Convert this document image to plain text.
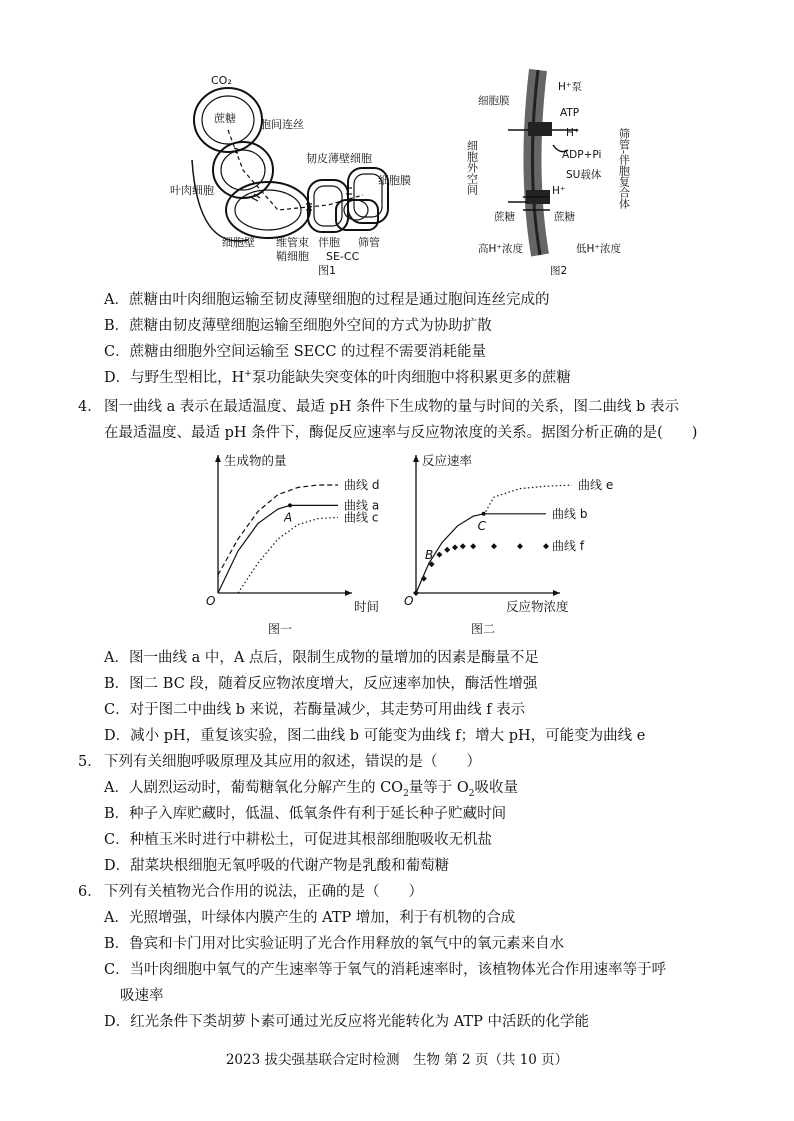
CO₂
蔗糖 胞间连丝
韧皮薄壁细胞
细胞膜
叶肉细胞
细胞壁 维管束
鞘细胞
伴胞 筛管
SE-CC
图1
细胞膜
H⁺泵
ATP
H⁺
ADP+Pi
SU载体
H⁺
蔗糖	蔗糖
高H⁺浓度	低H⁺浓度
图2
细胞外空间	筛管-伴胞复合体
A．蔗糖由叶肉细胞运输至韧皮薄壁细胞的过程是通过胞间连丝完成的
B．蔗糖由韧皮薄壁细胞运输至细胞外空间的方式为协助扩散
C．蔗糖由细胞外空间运输至 SECC 的过程不需要消耗能量
D．与野生型相比，H+泵功能缺失突变体的叶肉细胞中将积累更多的蔗糖
4． 图一曲线 a 表示在最适温度、最适 pH 条件下生成物的量与时间的关系，图二曲线 b 表示
在最适温度、最适 pH 条件下，酶促反应速率与反应物浓度的关系。据图分析正确的是(　　)
生成物的量
时间
O
图一
曲线 d
曲线 a
曲线 c
A
反应速率
反应物浓度
O
图二
曲线 e
曲线 b
曲线 f
B
C
A．图一曲线 a 中，A 点后，限制生成物的量增加的因素是酶量不足
B．图二 BC 段，随着反应物浓度增大，反应速率加快，酶活性增强
C．对于图二中曲线 b 来说，若酶量减少，其走势可用曲线 f 表示
D．减小 pH，重复该实验，图二曲线 b 可能变为曲线 f；增大 pH，可能变为曲线 e
5． 下列有关细胞呼吸原理及其应用的叙述，错误的是（　　）
A．人剧烈运动时，葡萄糖氧化分解产生的 $CO_2$量等于 $O_2$吸收量
B．种子入库贮藏时，低温、低氧条件有利于延长种子贮藏时间
C．种植玉米时进行中耕松土，可促进其根部细胞吸收无机盐
D．甜菜块根细胞无氧呼吸的代谢产物是乳酸和葡萄糖
6． 下列有关植物光合作用的说法，正确的是（　　）
A．光照增强，叶绿体内膜产生的 ATP 增加，利于有机物的合成
B．鲁宾和卡门用对比实验证明了光合作用释放的氧气中的氧元素来自水
C．当叶肉细胞中氧气的产生速率等于氧气的消耗速率时，该植物体光合作用速率等于呼
吸速率
D．红光条件下类胡萝卜素可通过光反应将光能转化为 ATP 中活跃的化学能
2023 拔尖强基联合定时检测　生物 第 2 页（共 10 页）
